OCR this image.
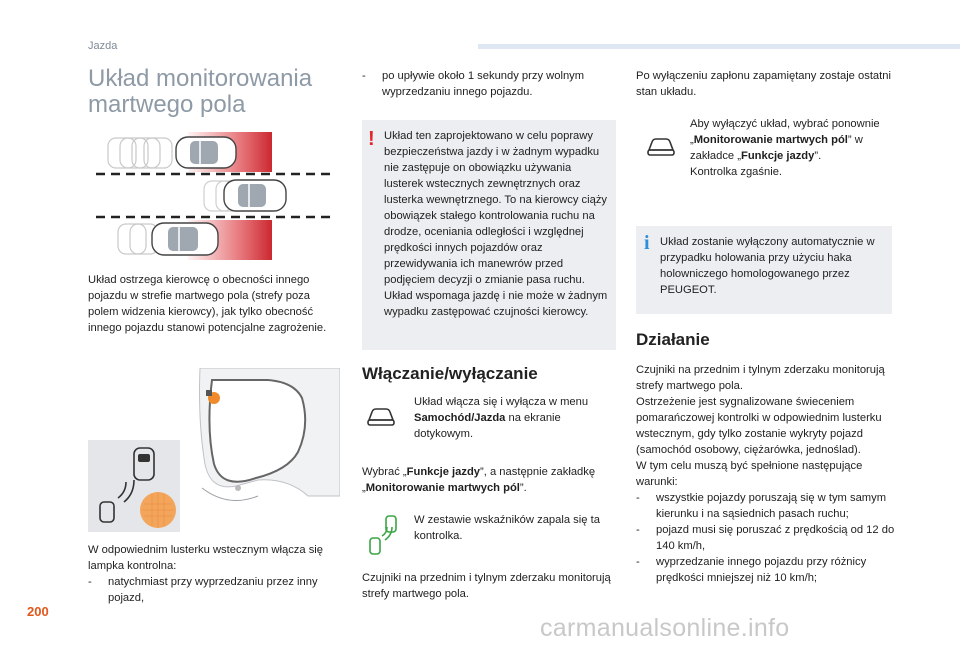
Jazda
Układ monitorowania martwego pola

Układ ostrzega kierowcę o obecności innego pojazdu w strefie martwego pola (strefy poza polem widzenia kierowcy), jak tylko obecność innego pojazdu stanowi potencjalne zagrożenie.

W odpowiednim lusterku wstecznym włącza się lampka kontrolna:

- natychmiast przy wyprzedzaniu przez inny pojazd,
- po upływie około 1 sekundy przy wolnym wyprzedzaniu innego pojazdu.
! Układ ten zaprojektowano w celu poprawy bezpieczeństwa jazdy i w żadnym wypadku nie zastępuje on obowiązku używania lusterek wstecznych zewnętrznych oraz lusterka wewnętrznego. To na kierowcy ciąży obowiązek stałego kontrolowania ruchu na drodze, oceniania odległości i względnej prędkości innych pojazdów oraz przewidywania ich manewrów przed podjęciem decyzji o zmianie pasa ruchu. Układ wspomaga jazdę i nie może w żadnym wypadku zastępować czujności kierowcy.

Włączanie/wyłączanie

Układ włącza się i wyłącza w menu Samochód/Jazda na ekranie dotykowym.

Wybrać „Funkcje jazdy”, a następnie zakładkę „Monitorowanie martwych pól”.

W zestawie wskaźników zapala się ta kontrolka.

Czujniki na przednim i tylnym zderzaku monitorują strefy martwego pola.

Po wyłączeniu zapłonu zapamiętany zostaje ostatni stan układu.

Aby wyłączyć układ, wybrać ponownie „Monitorowanie martwych pól” w zakładce „Funkcje jazdy”.
Kontrolka zgaśnie.

i Układ zostanie wyłączony automatycznie w przypadku holowania przy użyciu haka holowniczego homologowanego przez PEUGEOT.

Działanie

Czujniki na przednim i tylnym zderzaku monitorują strefy martwego pola.

Ostrzeżenie jest sygnalizowane świeceniem pomarańczowej kontrolki w odpowiednim lusterku wstecznym, gdy tylko zostanie wykryty pojazd (samochód osobowy, ciężarówka, jednoślad).

W tym celu muszą być spełnione następujące warunki:

- wszystkie pojazdy poruszają się w tym samym kierunku i na sąsiednich pasach ruchu;
- pojazd musi się poruszać z prędkością od 12 do 140 km/h,
- wyprzedzanie innego pojazdu przy różnicy prędkości mniejszej niż 10 km/h;
200
carmanualsonline.info
